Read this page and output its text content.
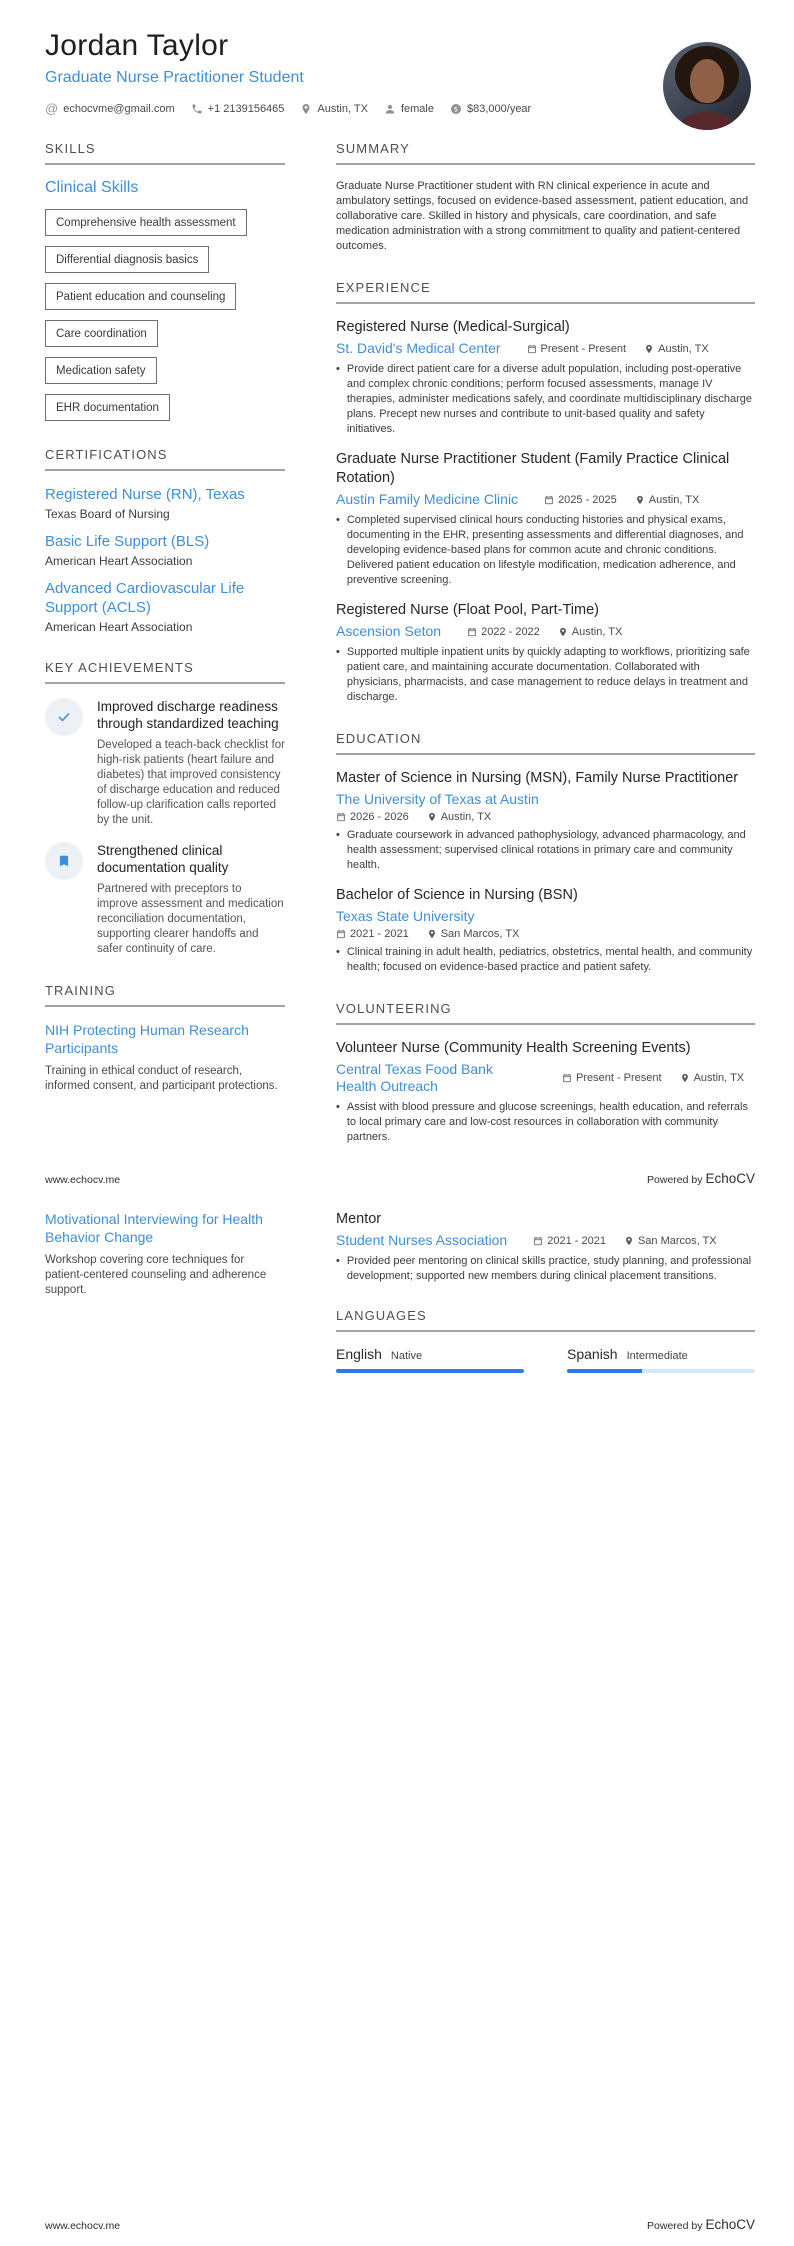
Jordan Taylor
Graduate Nurse Practitioner Student
@ echocvme@gmail.com	+1 2139156465	Austin, TX	female $ $83,000/year
SKILLS
Clinical Skills
Comprehensive health assessment
Differential diagnosis basics
Patient education and counseling
Care coordination
Medication safety
EHR documentation
CERTIFICATIONS
Registered Nurse (RN), Texas
Texas Board of Nursing
Basic Life Support (BLS)
American Heart Association
Advanced Cardiovascular Life Support (ACLS)
American Heart Association
KEY ACHIEVEMENTS
Improved discharge readiness through standardized teaching
Developed a teach-back checklist for high-risk patients (heart failure and diabetes) that improved consistency of discharge education and reduced follow-up clarification calls reported by the unit.
Strengthened clinical documentation quality
Partnered with preceptors to improve assessment and medication reconciliation documentation, supporting clearer handoffs and safer continuity of care.
TRAINING
NIH Protecting Human Research Participants
Training in ethical conduct of research, informed consent, and participant protections.
SUMMARY

Graduate Nurse Practitioner student with RN clinical experience in acute and ambulatory settings, focused on evidence-based assessment, patient education, and collaborative care. Skilled in history and physicals, care coordination, and safe medication administration with a strong commitment to quality and patient-centered outcomes.

EXPERIENCE
Registered Nurse (Medical-Surgical)
St. David's Medical Center	Present - Present	Austin, TX
• Provide direct patient care for a diverse adult population, including post-operative and complex chronic conditions; perform focused assessments, manage IV therapies, administer medications safely, and coordinate multidisciplinary discharge plans. Precept new nurses and contribute to unit-based quality and safety initiatives.
Graduate Nurse Practitioner Student (Family Practice Clinical Rotation)
Austin Family Medicine Clinic	2025 - 2025	Austin, TX
• Completed supervised clinical hours conducting histories and physical exams, documenting in the EHR, presenting assessments and differential diagnoses, and developing evidence-based plans for common acute and chronic conditions. Delivered patient education on lifestyle modification, medication adherence, and preventive screening.
Registered Nurse (Float Pool, Part-Time)
Ascension Seton	2022 - 2022	Austin, TX
• Supported multiple inpatient units by quickly adapting to workflows, prioritizing safe patient care, and maintaining accurate documentation. Collaborated with physicians, pharmacists, and case management to reduce delays in treatment and discharge.
EDUCATION
Master of Science in Nursing (MSN), Family Nurse Practitioner
The University of Texas at Austin
2026 - 2026	Austin, TX
• Graduate coursework in advanced pathophysiology, advanced pharmacology, and health assessment; supervised clinical rotations in primary care and community health.
Bachelor of Science in Nursing (BSN)
Texas State University
2021 - 2021	San Marcos, TX
• Clinical training in adult health, pediatrics, obstetrics, mental health, and community health; focused on evidence-based practice and patient safety.
VOLUNTEERING
Volunteer Nurse (Community Health Screening Events)
Central Texas Food Bank Health Outreach	Present - Present	Austin, TX
• Assist with blood pressure and glucose screenings, health education, and referrals to local primary care and low-cost resources in collaboration with community partners.
www.echocv.me	Powered by EchoCV
Motivational Interviewing for Health Behavior Change
Workshop covering core techniques for patient-centered counseling and adherence support.
Mentor
Student Nurses Association	2021 - 2021	San Marcos, TX
• Provided peer mentoring on clinical skills practice, study planning, and professional development; supported new members during clinical placement transitions.
LANGUAGES
English Native	Spanish Intermediate
www.echocv.me	Powered by EchoCV
